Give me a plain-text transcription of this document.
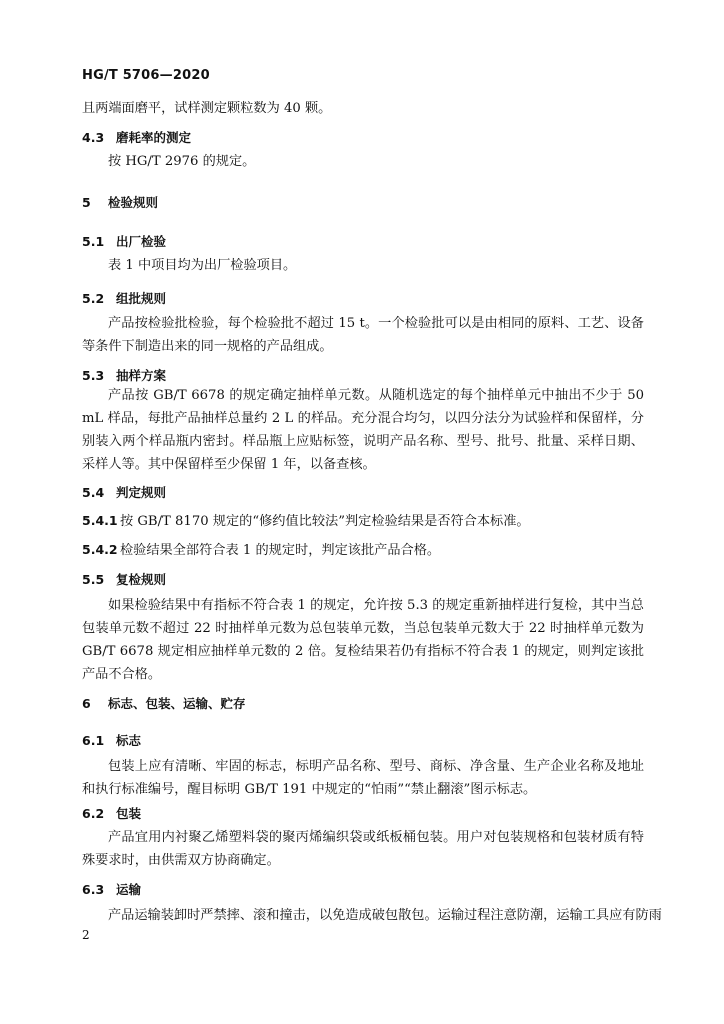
HG/T 5706—2020
且两端面磨平，试样测定颗粒数为 40 颗。
4.3 磨耗率的测定
按 HG/T 2976 的规定。
5 检验规则
5.1 出厂检验
表 1 中项目均为出厂检验项目。
5.2 组批规则
产品按检验批检验，每个检验批不超过 15 t。一个检验批可以是由相同的原料、工艺、设备等条件下制造出来的同一规格的产品组成。
5.3 抽样方案
产品按 GB/T 6678 的规定确定抽样单元数。从随机选定的每个抽样单元中抽出不少于 50 mL 样品，每批产品抽样总量约 2 L 的样品。充分混合均匀，以四分法分为试验样和保留样，分别装入两个样品瓶内密封。样品瓶上应贴标签，说明产品名称、型号、批号、批量、采样日期、采样人等。其中保留样至少保留 1 年，以备查核。
5.4 判定规则
5.4.1 按 GB/T 8170 规定的“修约值比较法”判定检验结果是否符合本标准。
5.4.2 检验结果全部符合表 1 的规定时，判定该批产品合格。
5.5 复检规则
如果检验结果中有指标不符合表 1 的规定，允许按 5.3 的规定重新抽样进行复检，其中当总包装单元数不超过 22 时抽样单元数为总包装单元数，当总包装单元数大于 22 时抽样单元数为 GB/T 6678 规定相应抽样单元数的 2 倍。复检结果若仍有指标不符合表 1 的规定，则判定该批产品不合格。
6 标志、包装、运输、贮存
6.1 标志
包装上应有清晰、牢固的标志，标明产品名称、型号、商标、净含量、生产企业名称及地址和执行标准编号，醒目标明 GB/T 191 中规定的“怕雨”“禁止翻滚”图示标志。
6.2 包装
产品宜用内衬聚乙烯塑料袋的聚丙烯编织袋或纸板桶包装。用户对包装规格和包装材质有特殊要求时，由供需双方协商确定。
6.3 运输
产品运输装卸时严禁摔、滚和撞击，以免造成破包散包。运输过程注意防潮，运输工具应有防雨
2
